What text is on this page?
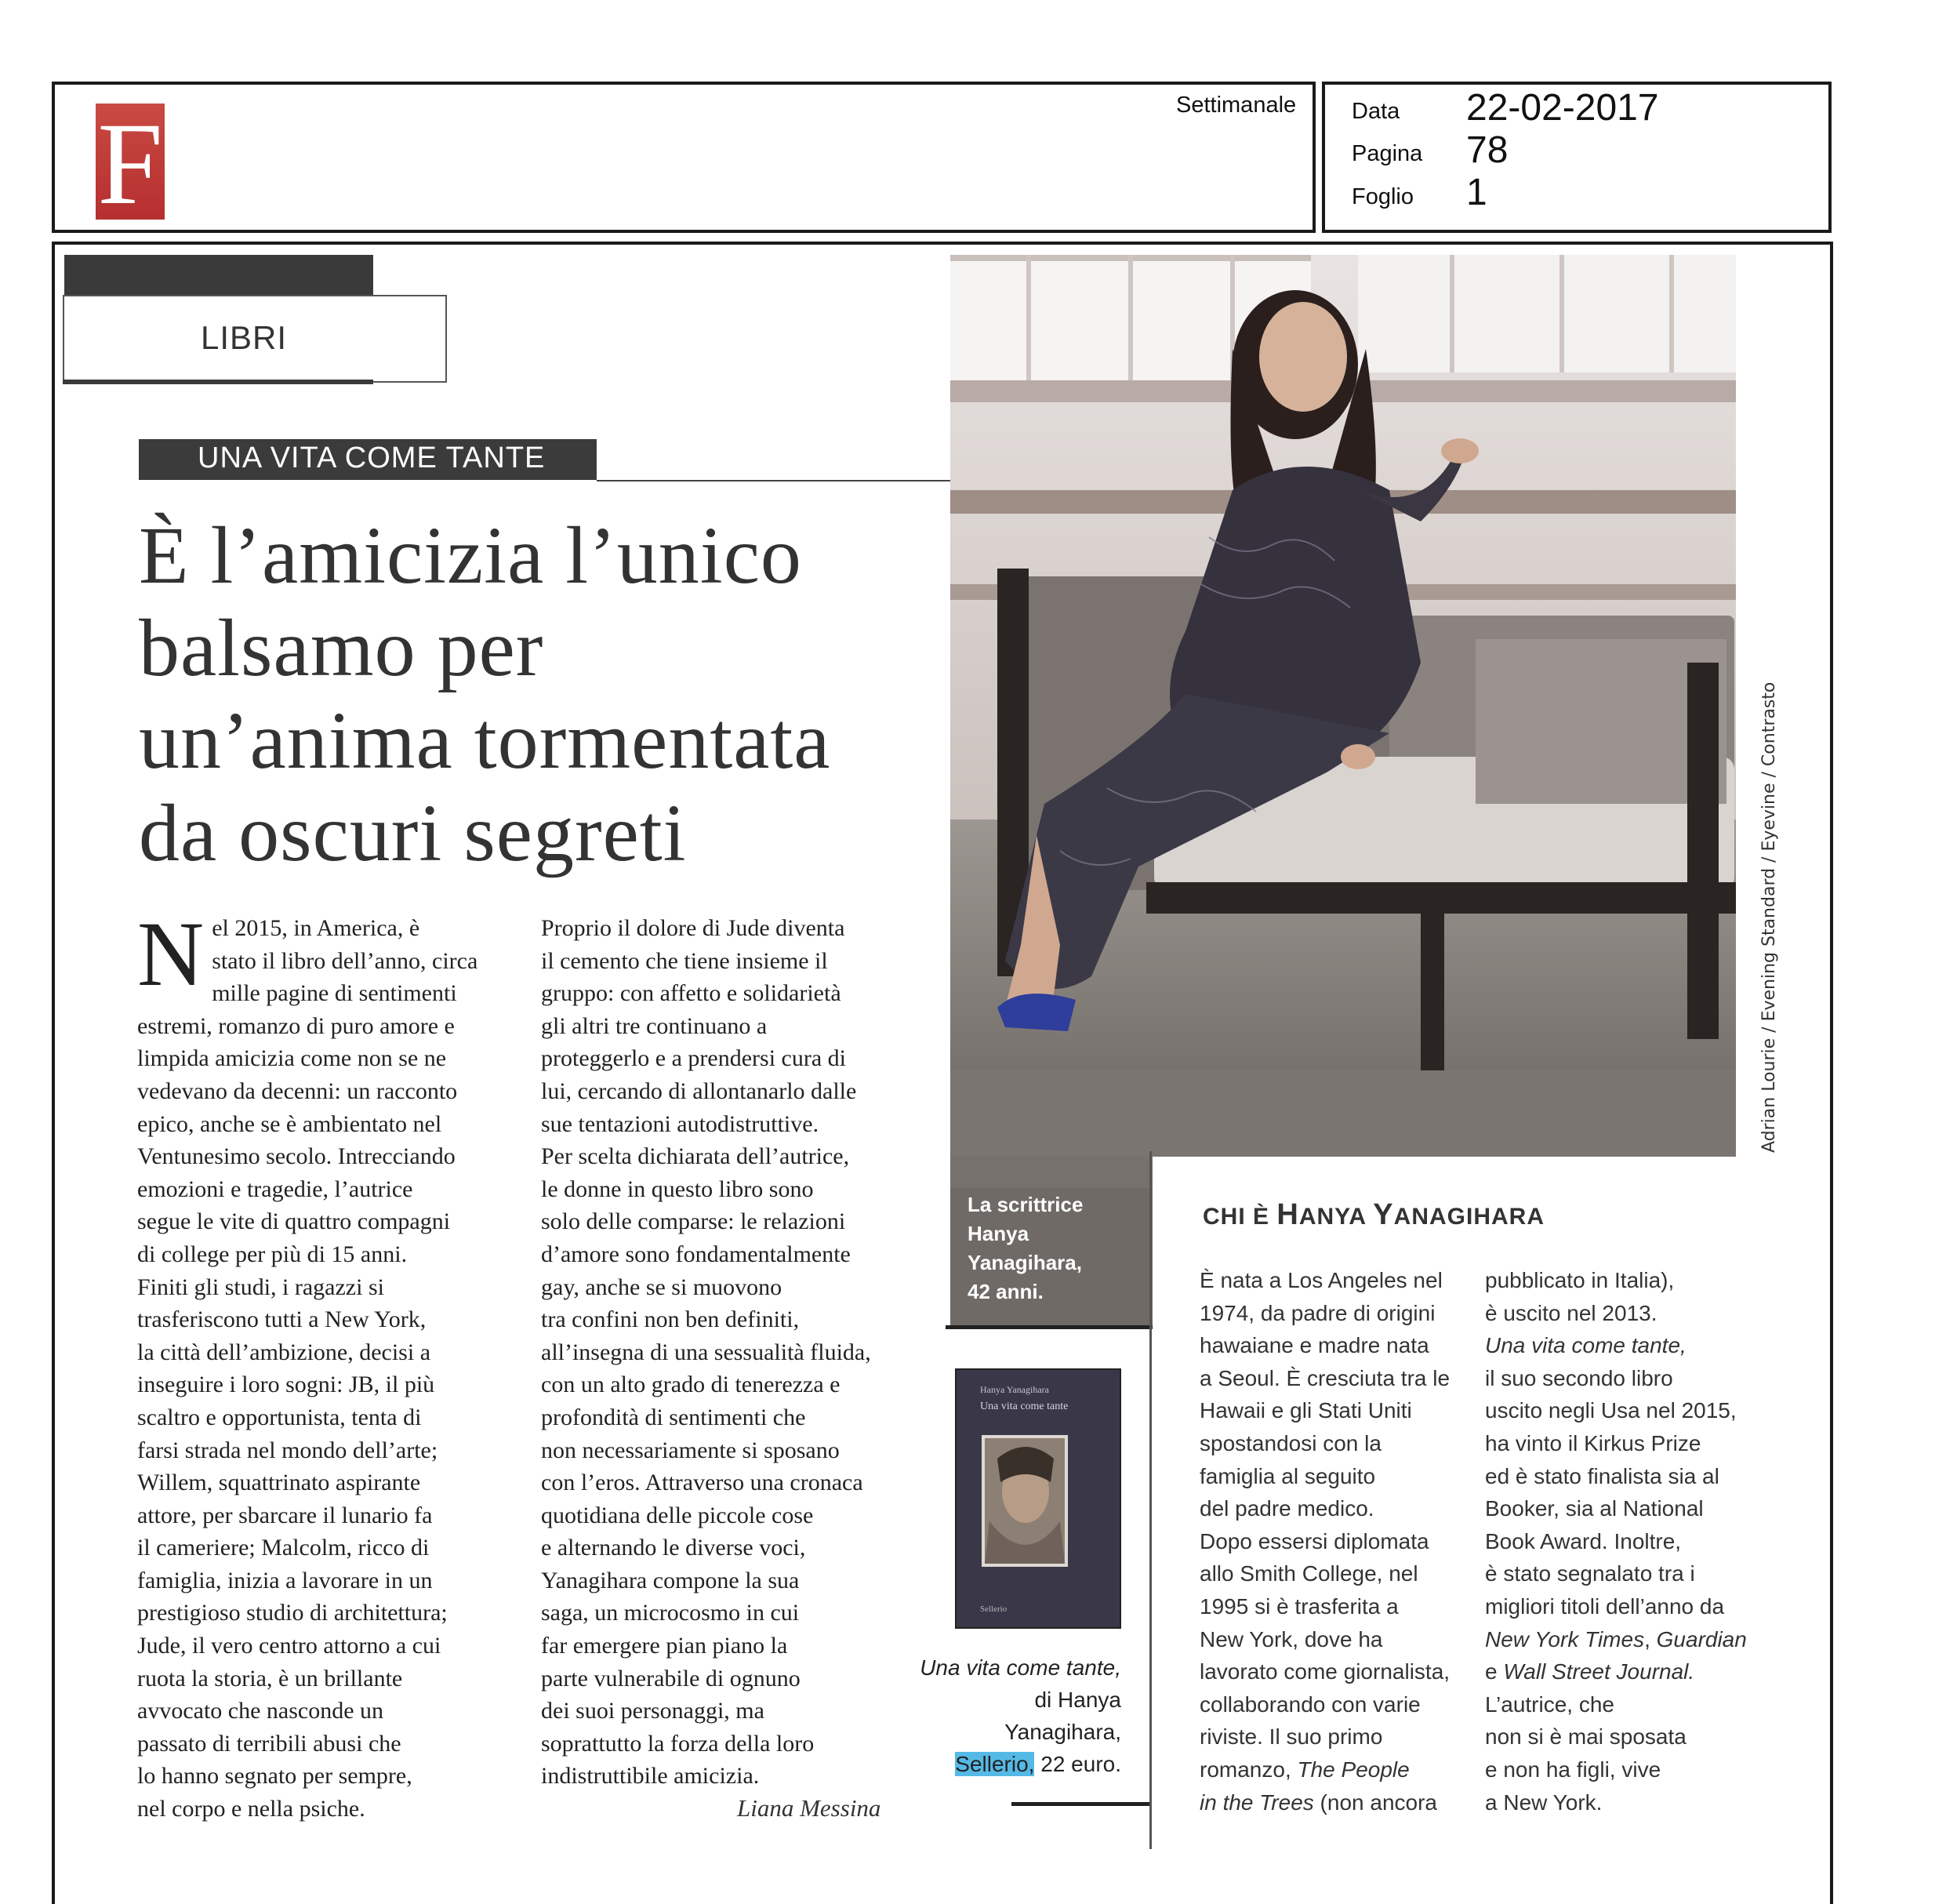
F	Settimanale Data 22-02-2017
Pagina 78
Foglio 1
LIBRI
UNA VITA COME TANTE
È l’amicizia l’unico
balsamo per
un’anima tormentata
da oscuri segreti
N el 2015, in America, è
stato il libro dell’anno, circa
mille pagine di sentimenti
estremi, romanzo di puro amore e
limpida amicizia come non se ne
vedevano da decenni: un racconto
epico, anche se è ambientato nel
Ventunesimo secolo. Intrecciando
emozioni e tragedie, l’autrice
segue le vite di quattro compagni
di college per più di 15 anni.
Finiti gli studi, i ragazzi si
trasferiscono tutti a New York,
la città dell’ambizione, decisi a
inseguire i loro sogni: JB, il più
scaltro e opportunista, tenta di
farsi strada nel mondo dell’arte;
Willem, squattrinato aspirante
attore, per sbarcare il lunario fa
il cameriere; Malcolm, ricco di
famiglia, inizia a lavorare in un
prestigioso studio di architettura;
Jude, il vero centro attorno a cui
ruota la storia, è un brillante
avvocato che nasconde un
passato di terribili abusi che
lo hanno segnato per sempre,
nel corpo e nella psiche.
Proprio il dolore di Jude diventa
il cemento che tiene insieme il
gruppo: con affetto e solidarietà
gli altri tre continuano a
proteggerlo e a prendersi cura di
lui, cercando di allontanarlo dalle
sue tentazioni autodistruttive.
Per scelta dichiarata dell’autrice,
le donne in questo libro sono
solo delle comparse: le relazioni
d’amore sono fondamentalmente
gay, anche se si muovono
tra confini non ben definiti,
all’insegna di una sessualità fluida,
con un alto grado di tenerezza e
profondità di sentimenti che
non necessariamente si sposano
con l’eros. Attraverso una cronaca
quotidiana delle piccole cose
e alternando le diverse voci,
Yanagihara compone la sua
saga, un microcosmo in cui
far emergere pian piano la
parte vulnerabile di ognuno
dei suoi personaggi, ma
soprattutto la forza della loro
indistruttibile amicizia.
Liana Messina
La scrittrice
Hanya
Yanagihara,
42 anni.
Adrian Lourie / Evening Standard / Eyevine / Contrasto
Hanya Yanagihara
Una vita come tante
Sellerio
Una vita come tante,
di Hanya
Yanagihara,
Sellerio, 22 euro.
CHI È HANYA YANAGIHARA
È nata a Los Angeles nel
1974, da padre di origini
hawaiane e madre nata
a Seoul. È cresciuta tra le
Hawaii e gli Stati Uniti
spostandosi con la
famiglia al seguito
del padre medico.
Dopo essersi diplomata
allo Smith College, nel
1995 si è trasferita a
New York, dove ha
lavorato come giornalista,
collaborando con varie
riviste. Il suo primo
romanzo, The People
in the Trees (non ancora
pubblicato in Italia),
è uscito nel 2013.
Una vita come tante,
il suo secondo libro
uscito negli Usa nel 2015,
ha vinto il Kirkus Prize
ed è stato finalista sia al
Booker, sia al National
Book Award. Inoltre,
è stato segnalato tra i
migliori titoli dell’anno da
New York Times, Guardian
e Wall Street Journal.
L’autrice, che
non si è mai sposata
e non ha figli, vive
a New York.
